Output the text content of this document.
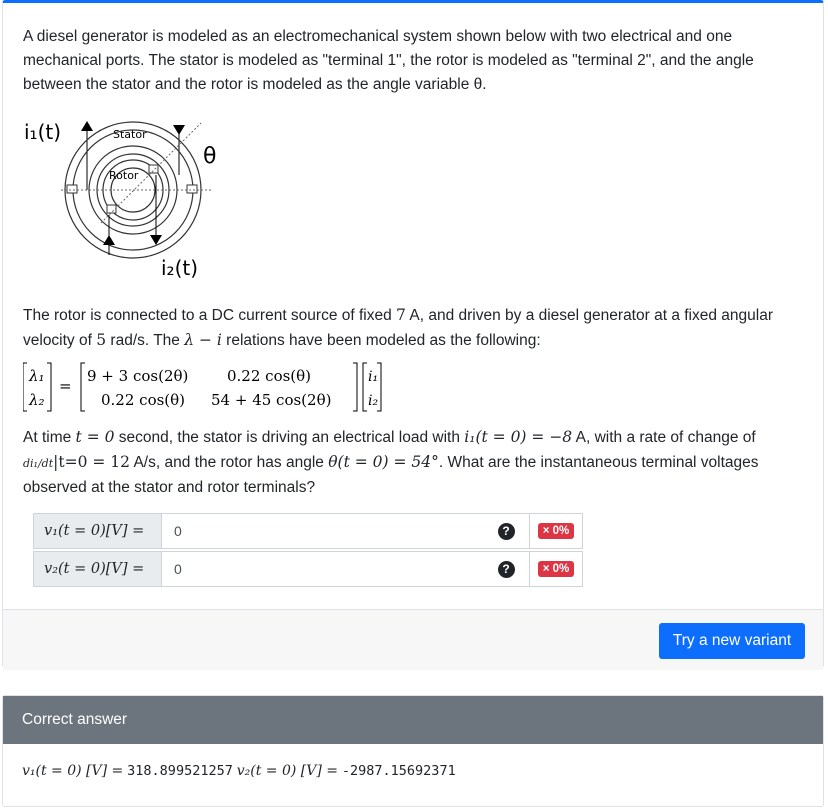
A diesel generator is modeled as an electromechanical system shown below with two electrical and one mechanical ports. The stator is modeled as "terminal 1", the rotor is modeled as "terminal 2", and the angle between the stator and the rotor is modeled as the angle variable θ.

i₁(t)	Stator
θ
Rotor
i₂(t)
The rotor is connected to a DC current source of fixed 7 A, and driven by a diesel generator at a fixed angular velocity of 5 rad/s. The λ − i relations have been modeled as the following:
λ₁
λ₂
=
9 + 3 cos(2θ)
0.22 cos(θ)
0.22 cos(θ)
54 + 45 cos(2θ)
i₁
i₂
At time t = 0 second, the stator is driving an electrical load with i₁(t = 0) = −8 A, with a rate of change of
di₁/dt|t=0 = 12 A/s, and the rotor has angle θ(t = 0) = 54°. What are the instantaneous terminal voltages observed at the stator and rotor terminals?
v₁(t = 0)[V] =	0	?	× 0%
v₂(t = 0)[V] =	0	?	× 0%
Try a new variant
Correct answer
v₁(t = 0) [V] = 318.899521257 v₂(t = 0) [V] = -2987.15692371
